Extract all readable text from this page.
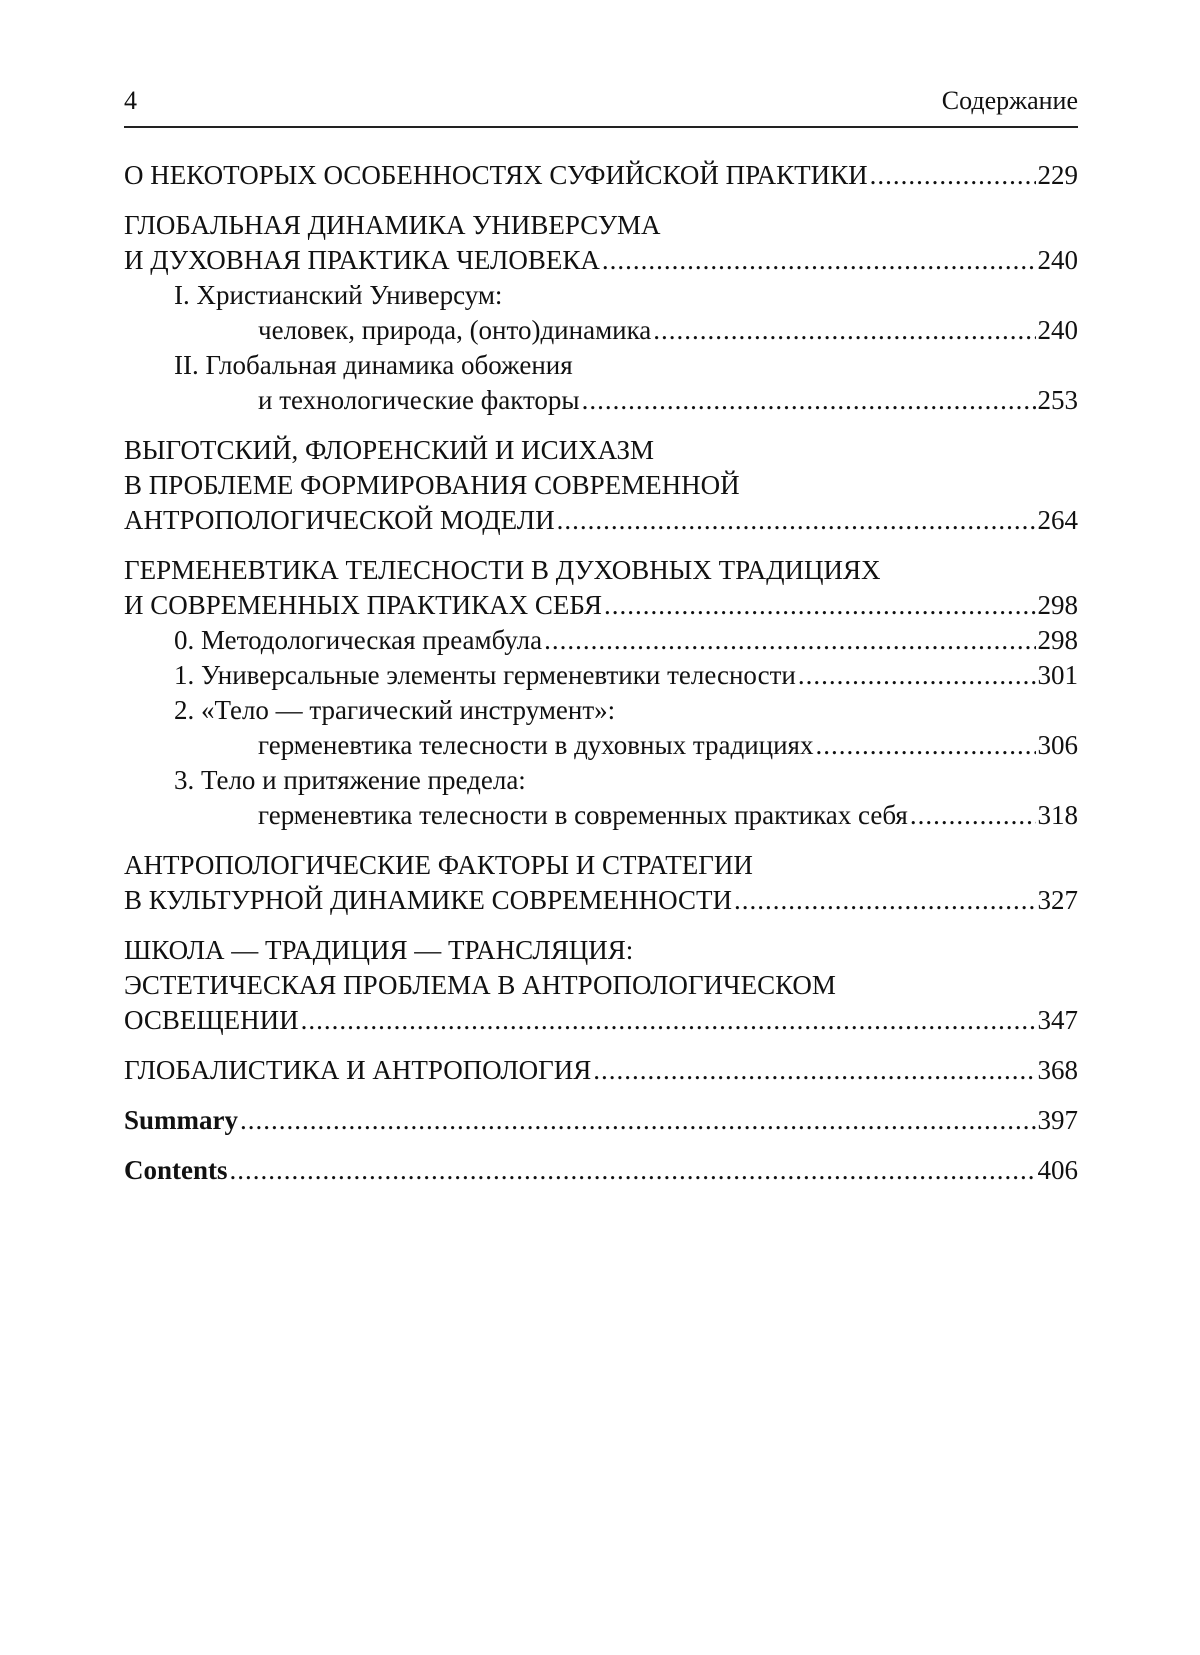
4	Содержание
О НЕКОТОРЫХ ОСОБЕННОСТЯХ СУФИЙСКОЙ ПРАКТИКИ .....	229
ГЛОБАЛЬНАЯ ДИНАМИКА УНИВЕРСУМА
И ДУХОВНАЯ ПРАКТИКА ЧЕЛОВЕКА .....	240
I. Христианский Универсум:
человек, природа, (онто)динамика .....	240
II. Глобальная динамика обожения
и технологические факторы .....	253
ВЫГОТСКИЙ, ФЛОРЕНСКИЙ И ИСИХАЗМ
В ПРОБЛЕМЕ ФОРМИРОВАНИЯ СОВРЕМЕННОЙ
АНТРОПОЛОГИЧЕСКОЙ МОДЕЛИ .....	264
ГЕРМЕНЕВТИКА ТЕЛЕСНОСТИ В ДУХОВНЫХ ТРАДИЦИЯХ
И СОВРЕМЕННЫХ ПРАКТИКАХ СЕБЯ .....	298
0. Методологическая преамбула .....	298
1. Универсальные элементы герменевтики телесности .....	301
2. «Тело — трагический инструмент»:
герменевтика телесности в духовных традициях .....	306
3. Тело и притяжение предела:
герменевтика телесности в современных практиках себя .....	318
АНТРОПОЛОГИЧЕСКИЕ ФАКТОРЫ И СТРАТЕГИИ
В КУЛЬТУРНОЙ ДИНАМИКЕ СОВРЕМЕННОСТИ .....	327
ШКОЛА — ТРАДИЦИЯ — ТРАНСЛЯЦИЯ:
ЭСТЕТИЧЕСКАЯ ПРОБЛЕМА В АНТРОПОЛОГИЧЕСКОМ
ОСВЕЩЕНИИ .....	347
ГЛОБАЛИСТИКА И АНТРОПОЛОГИЯ .....	368
Summary .....	397
Contents .....	406
